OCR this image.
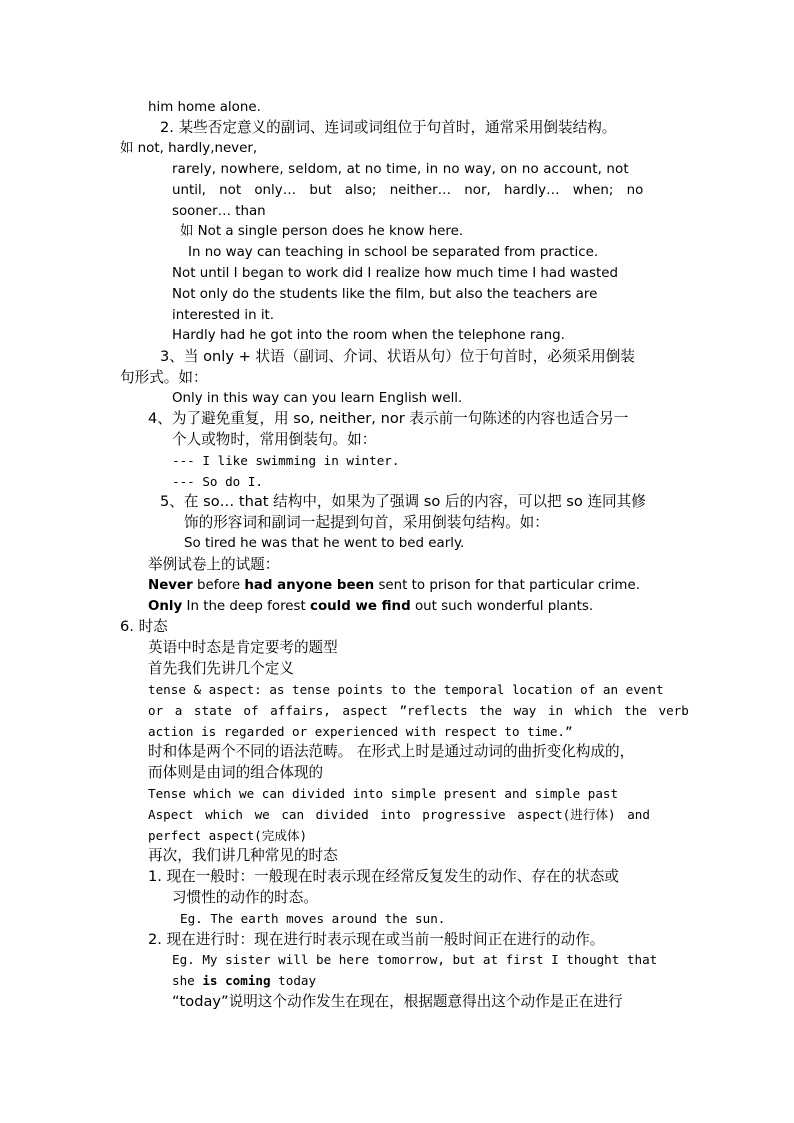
him home alone.
2. 某些否定意义的副词、连词或词组位于句首时，通常采用倒装结构。
如 not, hardly,never,
rarely, nowhere, seldom, at no time, in no way, on no account, not
until, not only… but also; neither… nor, hardly… when; no
sooner… than
如 Not a single person does he know here.
In no way can teaching in school be separated from practice.
Not until I began to work did I realize how much time I had wasted
Not only do the students like the film, but also the teachers are
interested in it.
Hardly had he got into the room when the telephone rang.
3、当 only + 状语（副词、介词、状语从句）位于句首时，必须采用倒装
句形式。如：
Only in this way can you learn English well.
4、为了避免重复，用 so, neither, nor 表示前一句陈述的内容也适合另一
个人或物时，常用倒装句。如：
--- I like swimming in winter.
--- So do I.
5、在 so… that 结构中，如果为了强调 so 后的内容，可以把 so 连同其修
饰的形容词和副词一起提到句首，采用倒装句结构。如：
So tired he was that he went to bed early.
举例试卷上的试题：
Never before had anyone been sent to prison for that particular crime.
Only In the deep forest could we find out such wonderful plants.
6. 时态
英语中时态是肯定要考的题型
首先我们先讲几个定义
tense & aspect: as tense points to the temporal location of an event
or a state of affairs, aspect ”reflects the way in which the verb
action is regarded or experienced with respect to time.”
时和体是两个不同的语法范畴。 在形式上时是通过动词的曲折变化构成的，
而体则是由词的组合体现的
Tense which we can divided into simple present and simple past
Aspect which we can divided into progressive aspect(进行体) and
perfect aspect(完成体)
再次，我们讲几种常见的时态
1. 现在一般时：一般现在时表示现在经常反复发生的动作、存在的状态或
习惯性的动作的时态。
Eg. The earth moves around the sun.
2. 现在进行时：现在进行时表示现在或当前一般时间正在进行的动作。
Eg. My sister will be here tomorrow, but at first I thought that
she is coming today
“today”说明这个动作发生在现在，根据题意得出这个动作是正在进行
